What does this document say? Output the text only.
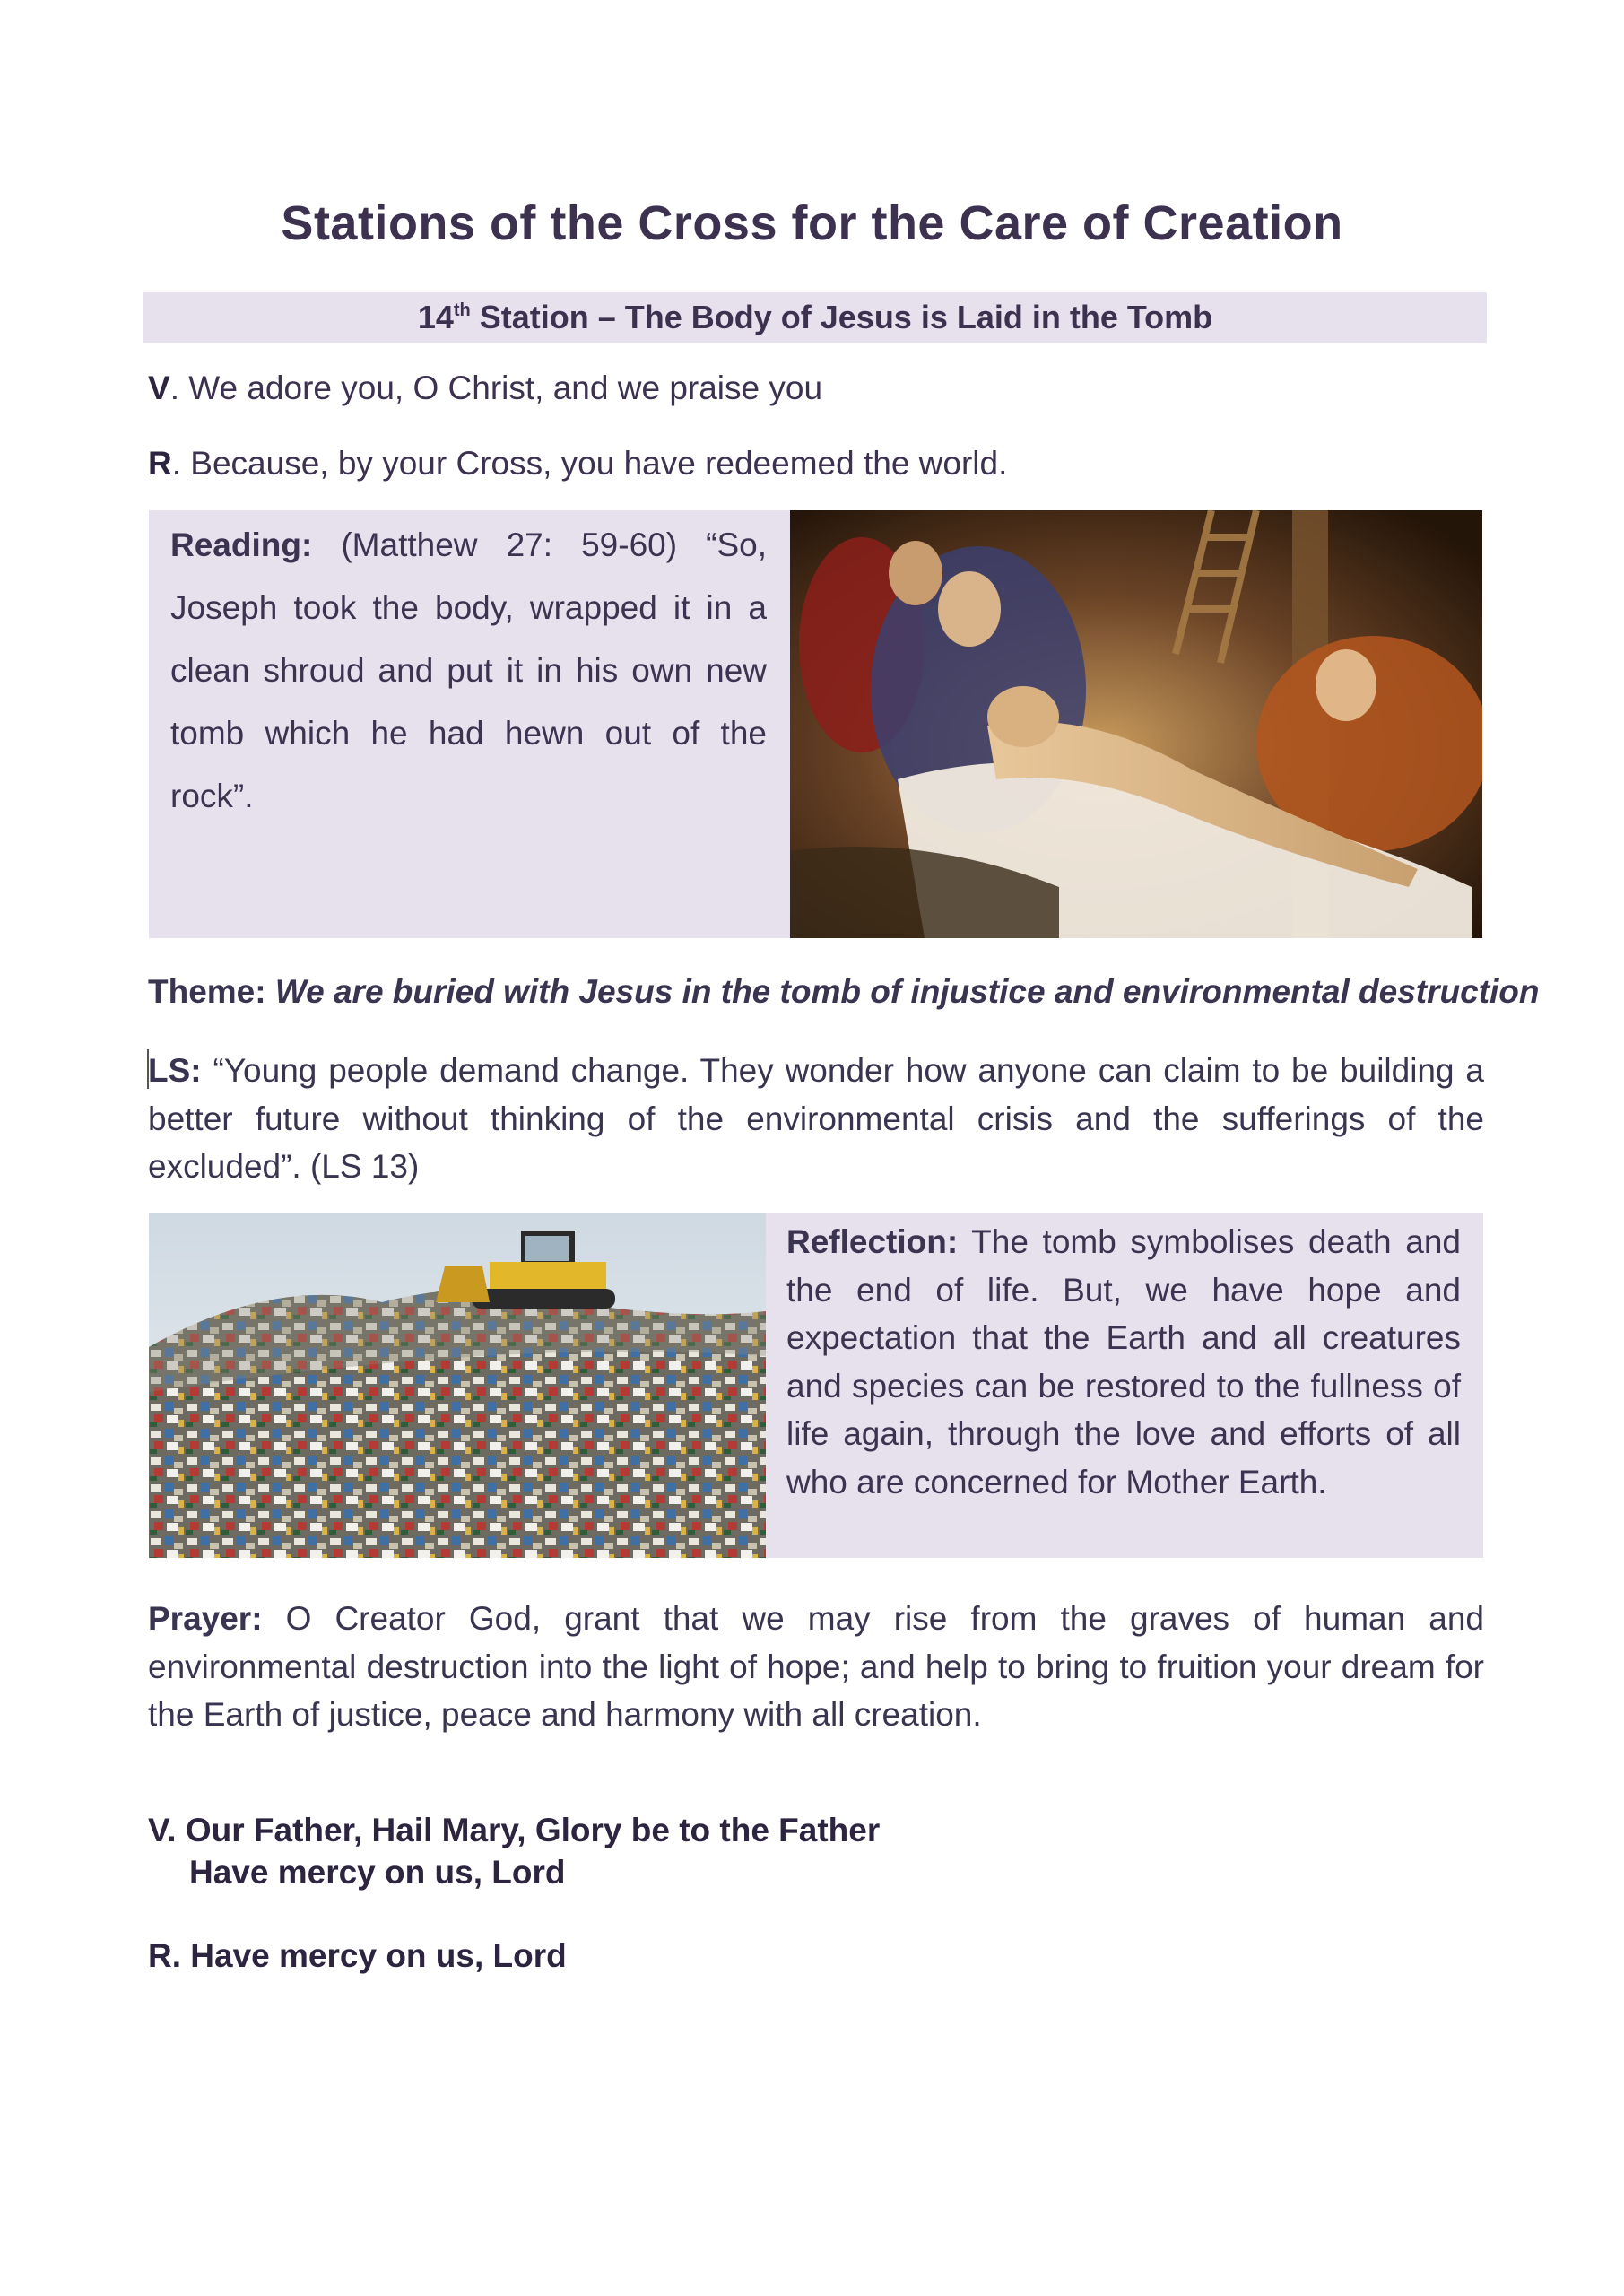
Stations of the Cross for the Care of Creation
14th Station – The Body of Jesus is Laid in the Tomb
V. We adore you, O Christ, and we praise you
R. Because, by your Cross, you have redeemed the world.
Reading: (Matthew 27: 59-60) “So, Joseph took the body, wrapped it in a clean shroud and put it in his own new tomb which he had hewn out of the rock”.
Theme: We are buried with Jesus in the tomb of injustice and environmental destruction
LS: “Young people demand change. They wonder how anyone can claim to be building a better future without thinking of the environmental crisis and the sufferings of the excluded”. (LS 13)
Reflection: The tomb symbolises death and the end of life. But, we have hope and expectation that the Earth and all creatures and species can be restored to the fullness of life again, through the love and efforts of all who are concerned for Mother Earth.
Prayer: O Creator God, grant that we may rise from the graves of human and environmental destruction into the light of hope; and help to bring to fruition your dream for the Earth of justice, peace and harmony with all creation.
V. Our Father, Hail Mary, Glory be to the Father
Have mercy on us, Lord
R. Have mercy on us, Lord
